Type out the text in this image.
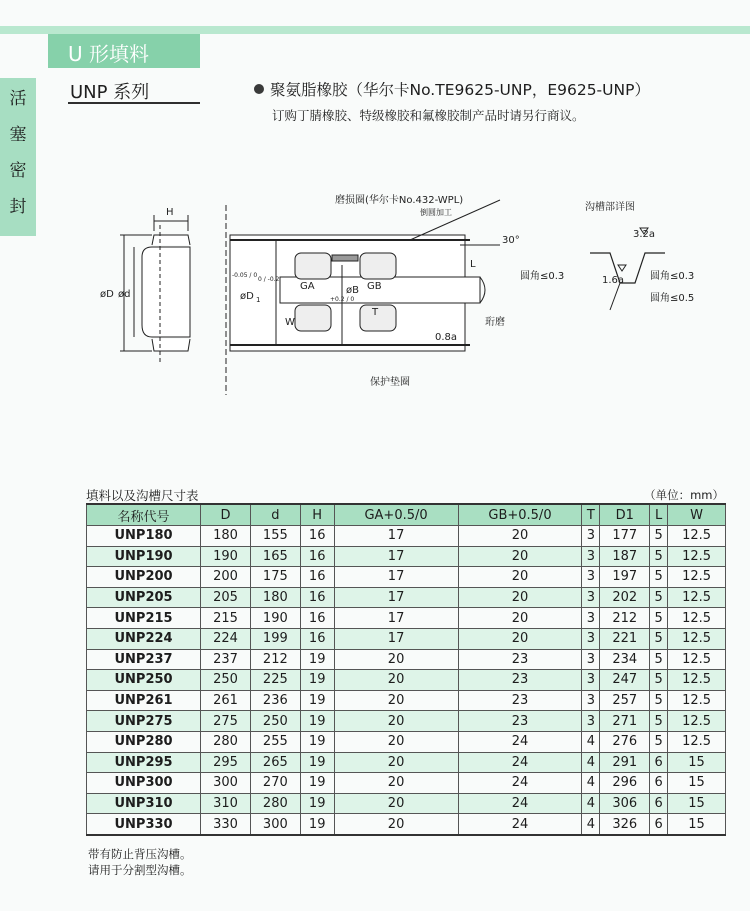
U 形填料
UNP 系列
活
塞
密
封
聚氨脂橡胶（华尔卡No.TE9625-UNP，E9625-UNP）
订购丁腈橡胶、特级橡胶和氟橡胶制产品时请另行商议。
H
øD ød	øD 1
0 / -0.2
-0.05 / 0
øB
+0.2 / 0
GA	GB
W
T
L
30°
磨损圈(华尔卡No.432-WPL)
倒圆加工
珩磨
0.8a
保护垫圈
沟槽部详图
3.2a
1.6a
圆角≤0.3	圆角≤0.3
圆角≤0.5
填料以及沟槽尺寸表	（单位：mm）
名称代号	D	d	H	GA+0.5/0	GB+0.5/0	T	D1	L	W
UNP180	180	155	16	17	20	3	177	5	12.5
UNP190	190	165	16	17	20	3	187	5	12.5
UNP200	200	175	16	17	20	3	197	5	12.5
UNP205	205	180	16	17	20	3	202	5	12.5
UNP215	215	190	16	17	20	3	212	5	12.5
UNP224	224	199	16	17	20	3	221	5	12.5
UNP237	237	212	19	20	23	3	234	5	12.5
UNP250	250	225	19	20	23	3	247	5	12.5
UNP261	261	236	19	20	23	3	257	5	12.5
UNP275	275	250	19	20	23	3	271	5	12.5
UNP280	280	255	19	20	24	4	276	5	12.5
UNP295	295	265	19	20	24	4	291	6	15
UNP300	300	270	19	20	24	4	296	6	15
UNP310	310	280	19	20	24	4	306	6	15
UNP330	330	300	19	20	24	4	326	6	15
带有防止背压沟槽。
请用于分割型沟槽。
